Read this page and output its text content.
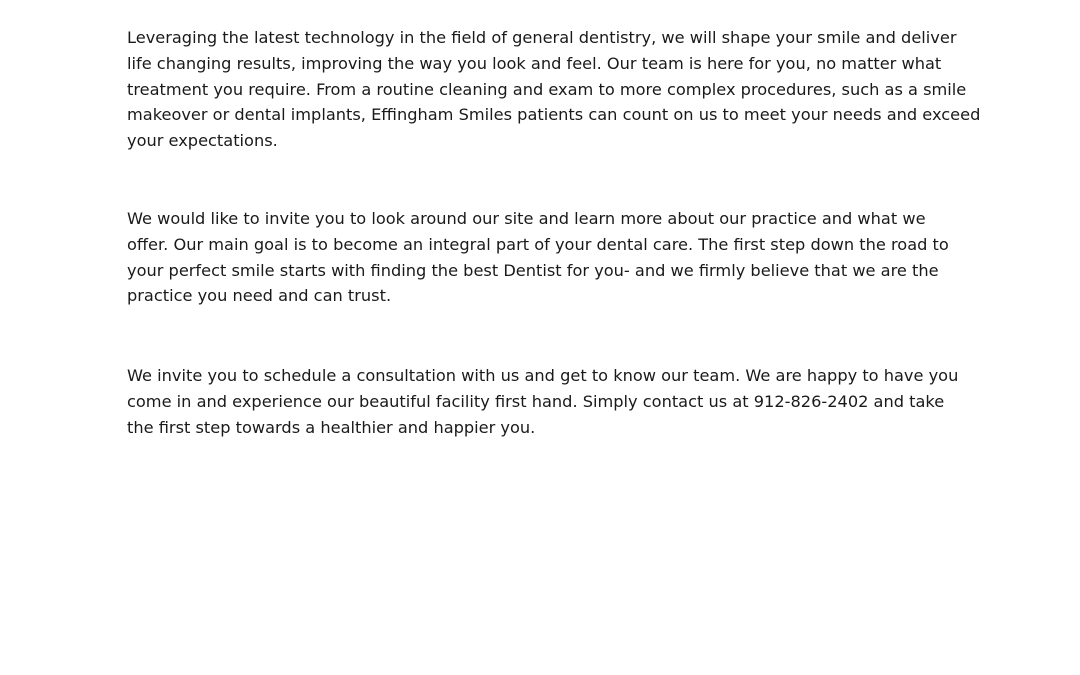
Leveraging the latest technology in the field of general dentistry, we will shape your smile and deliver
life changing results, improving the way you look and feel. Our team is here for you, no matter what
treatment you require. From a routine cleaning and exam to more complex procedures, such as a smile
makeover or dental implants, Effingham Smiles patients can count on us to meet your needs and exceed
your expectations.

We would like to invite you to look around our site and learn more about our practice and what we
offer. Our main goal is to become an integral part of your dental care. The first step down the road to
your perfect smile starts with finding the best Dentist for you- and we firmly believe that we are the
practice you need and can trust.

We invite you to schedule a consultation with us and get to know our team. We are happy to have you
come in and experience our beautiful facility first hand. Simply contact us at 912-826-2402 and take
the first step towards a healthier and happier you.
